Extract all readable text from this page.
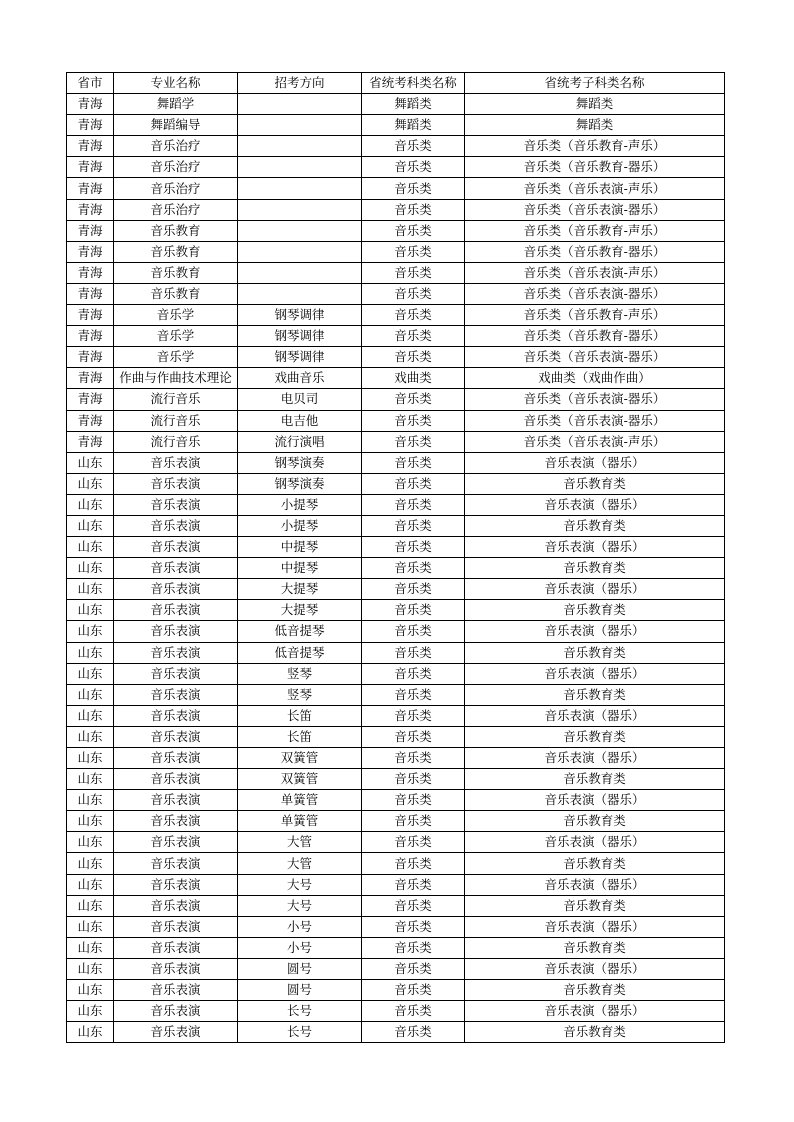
省市	专业名称	招考方向	省统考科类名称	省统考子科类名称
青海	舞蹈学		舞蹈类	舞蹈类
青海	舞蹈编导		舞蹈类	舞蹈类
青海	音乐治疗		音乐类	音乐类（音乐教育-声乐）
青海	音乐治疗		音乐类	音乐类（音乐教育-器乐）
青海	音乐治疗		音乐类	音乐类（音乐表演-声乐）
青海	音乐治疗		音乐类	音乐类（音乐表演-器乐）
青海	音乐教育		音乐类	音乐类（音乐教育-声乐）
青海	音乐教育		音乐类	音乐类（音乐教育-器乐）
青海	音乐教育		音乐类	音乐类（音乐表演-声乐）
青海	音乐教育		音乐类	音乐类（音乐表演-器乐）
青海	音乐学	钢琴调律	音乐类	音乐类（音乐教育-声乐）
青海	音乐学	钢琴调律	音乐类	音乐类（音乐教育-器乐）
青海	音乐学	钢琴调律	音乐类	音乐类（音乐表演-器乐）
青海	作曲与作曲技术理论	戏曲音乐	戏曲类	戏曲类（戏曲作曲）
青海	流行音乐	电贝司	音乐类	音乐类（音乐表演-器乐）
青海	流行音乐	电吉他	音乐类	音乐类（音乐表演-器乐）
青海	流行音乐	流行演唱	音乐类	音乐类（音乐表演-声乐）
山东	音乐表演	钢琴演奏	音乐类	音乐表演（器乐）
山东	音乐表演	钢琴演奏	音乐类	音乐教育类
山东	音乐表演	小提琴	音乐类	音乐表演（器乐）
山东	音乐表演	小提琴	音乐类	音乐教育类
山东	音乐表演	中提琴	音乐类	音乐表演（器乐）
山东	音乐表演	中提琴	音乐类	音乐教育类
山东	音乐表演	大提琴	音乐类	音乐表演（器乐）
山东	音乐表演	大提琴	音乐类	音乐教育类
山东	音乐表演	低音提琴	音乐类	音乐表演（器乐）
山东	音乐表演	低音提琴	音乐类	音乐教育类
山东	音乐表演	竖琴	音乐类	音乐表演（器乐）
山东	音乐表演	竖琴	音乐类	音乐教育类
山东	音乐表演	长笛	音乐类	音乐表演（器乐）
山东	音乐表演	长笛	音乐类	音乐教育类
山东	音乐表演	双簧管	音乐类	音乐表演（器乐）
山东	音乐表演	双簧管	音乐类	音乐教育类
山东	音乐表演	单簧管	音乐类	音乐表演（器乐）
山东	音乐表演	单簧管	音乐类	音乐教育类
山东	音乐表演	大管	音乐类	音乐表演（器乐）
山东	音乐表演	大管	音乐类	音乐教育类
山东	音乐表演	大号	音乐类	音乐表演（器乐）
山东	音乐表演	大号	音乐类	音乐教育类
山东	音乐表演	小号	音乐类	音乐表演（器乐）
山东	音乐表演	小号	音乐类	音乐教育类
山东	音乐表演	圆号	音乐类	音乐表演（器乐）
山东	音乐表演	圆号	音乐类	音乐教育类
山东	音乐表演	长号	音乐类	音乐表演（器乐）
山东	音乐表演	长号	音乐类	音乐教育类
